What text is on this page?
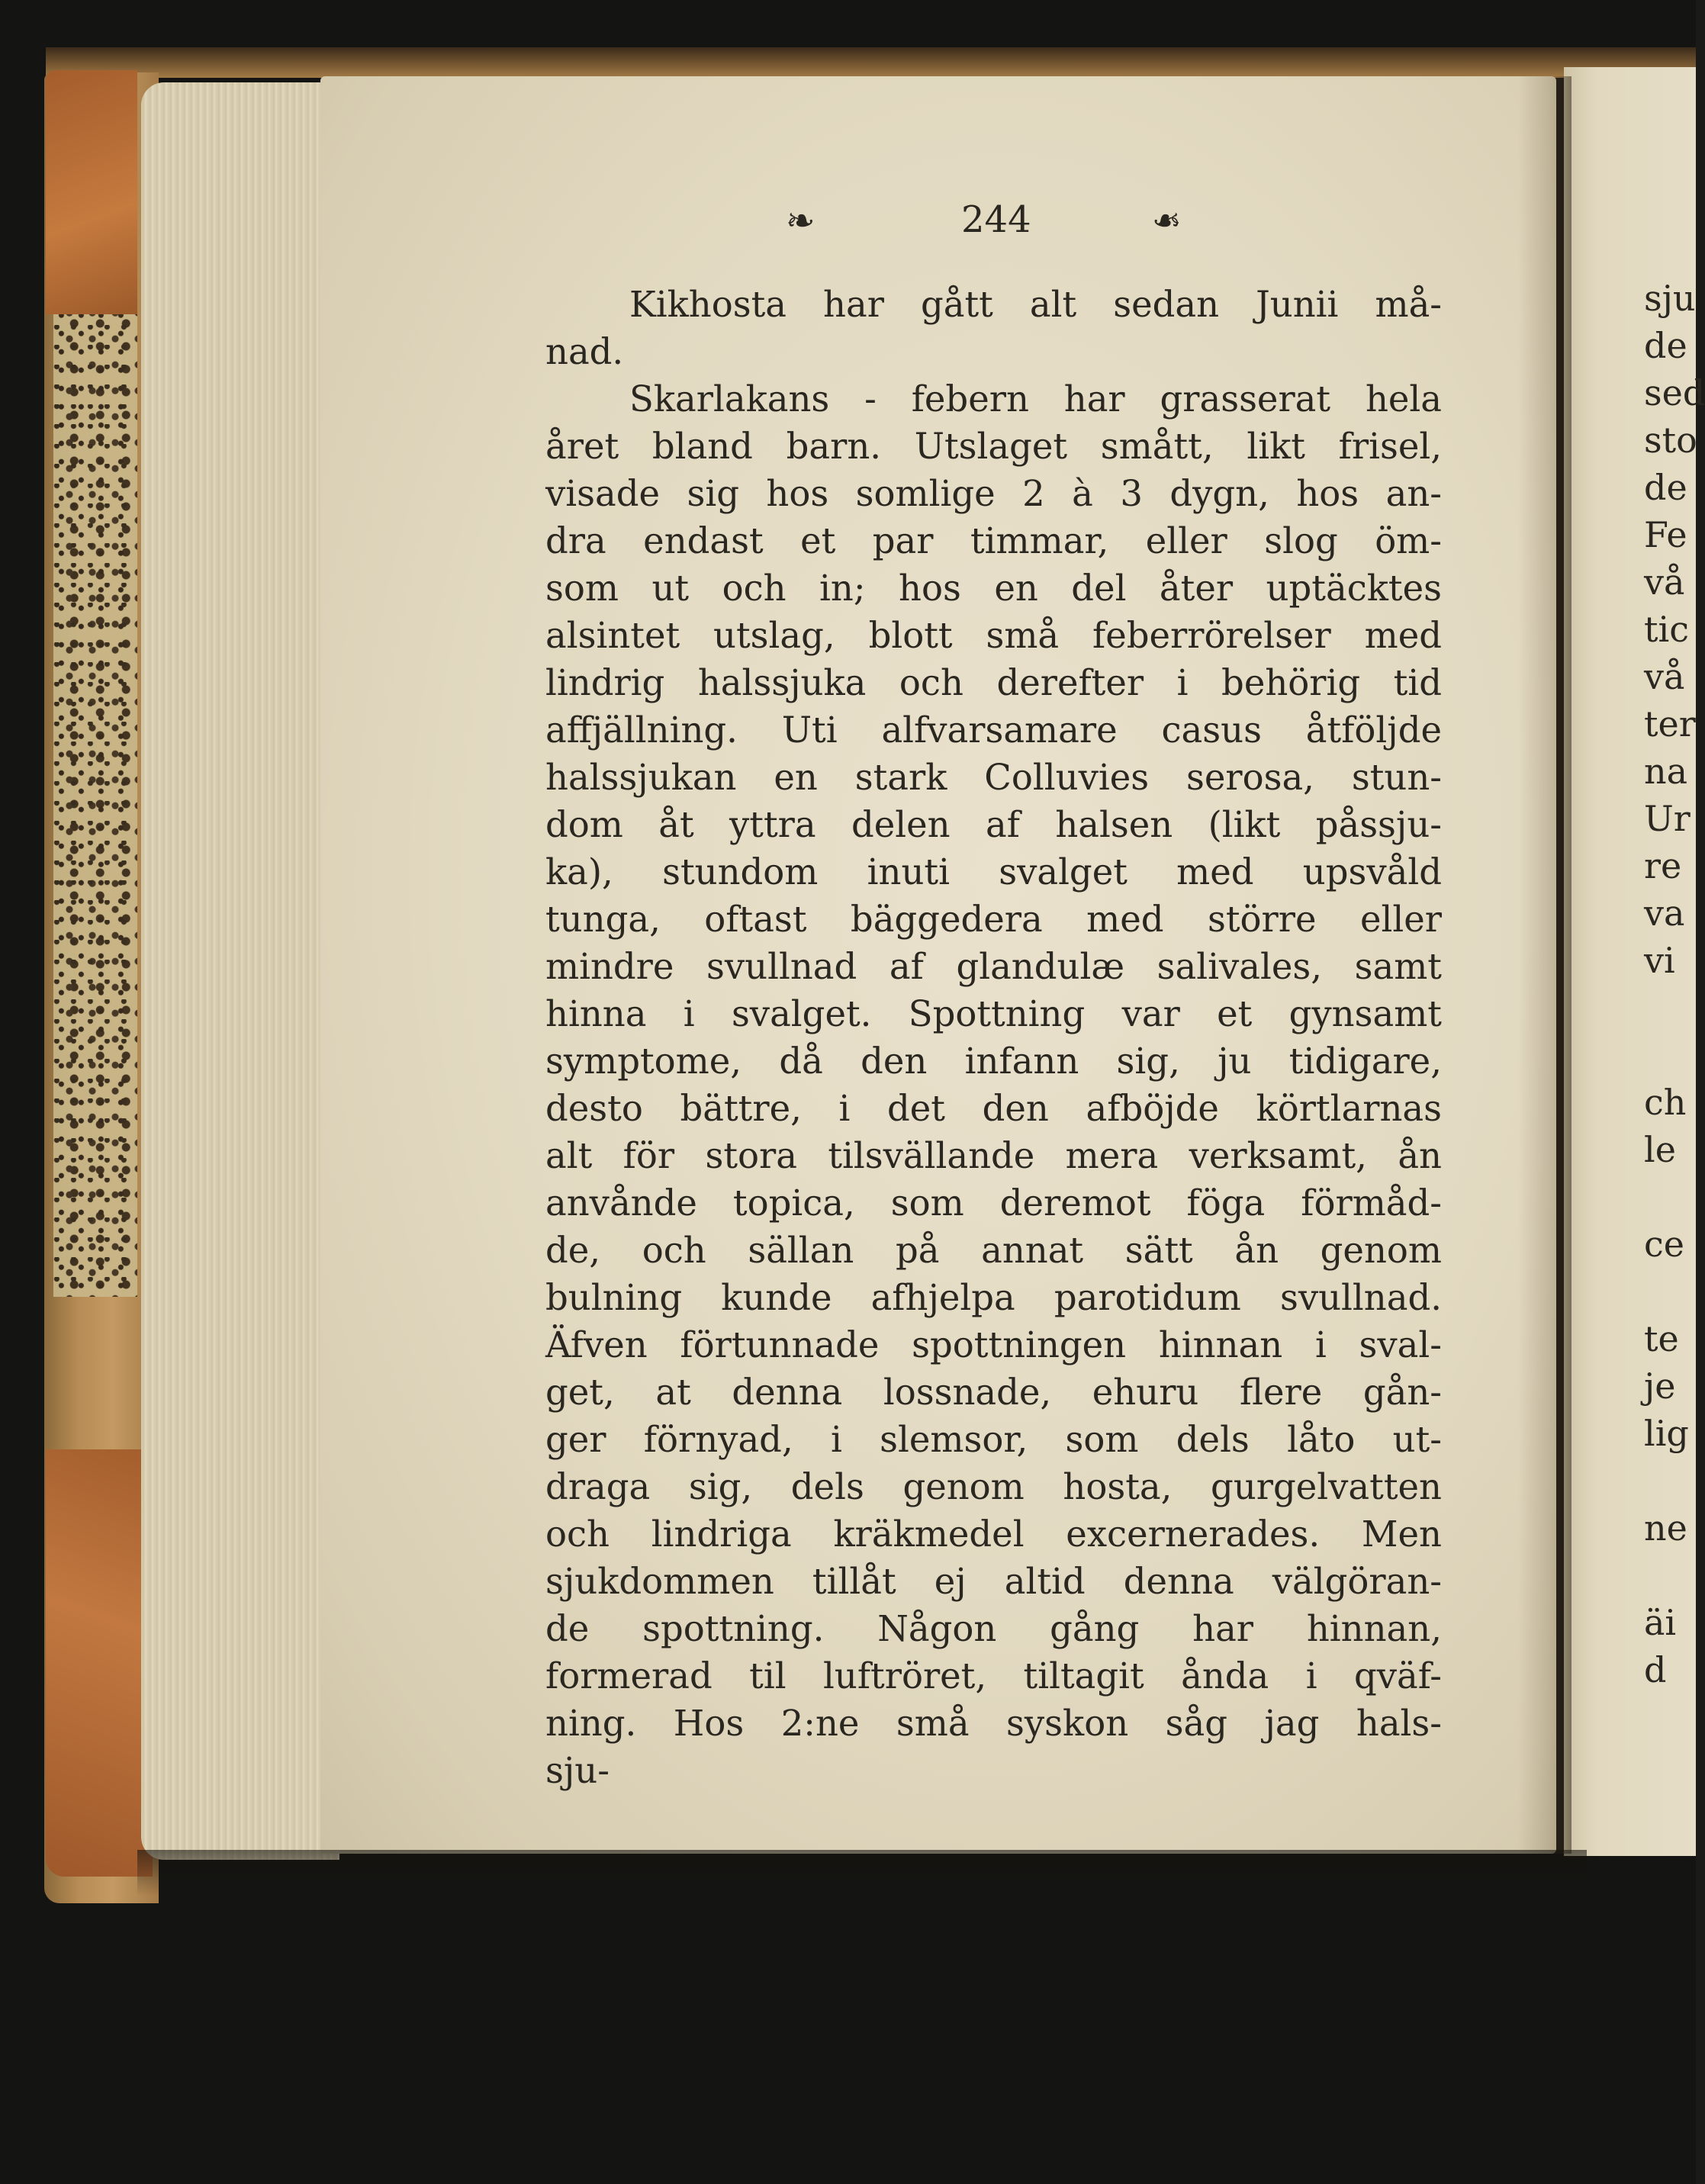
❧	244	❧
Kikhosta har gått alt sedan Junii må-
nad.
Skarlakans - febern har grasserat hela
året bland barn. Utslaget smått, likt frisel,
visade sig hos somlige 2 à 3 dygn, hos an-
dra endast et par timmar, eller slog öm-
som ut och in; hos en del åter uptäcktes
alsintet utslag, blott små feberrörelser med
lindrig halssjuka och derefter i behörig tid
affjällning. Uti alfvarsamare casus åtföljde
halssjukan en stark Colluvies serosa, stun-
dom åt yttra delen af halsen (likt påssju-
ka), stundom inuti svalget med upsvåld
tunga, oftast bäggedera med större eller
mindre svullnad af glandulæ salivales, samt
hinna i svalget. Spottning var et gynsamt
symptome, då den infann sig, ju tidigare,
desto bättre, i det den afböjde körtlarnas
alt för stora tilsvällande mera verksamt, ån
anvånde topica, som deremot föga förmåd-
de, och sällan på annat sätt ån genom
bulning kunde afhjelpa parotidum svullnad.
Äfven förtunnade spottningen hinnan i sval-
get, at denna lossnade, ehuru flere gån-
ger förnyad, i slemsor, som dels låto ut-
draga sig, dels genom hosta, gurgelvatten
och lindriga kräkmedel excernerades. Men
sjukdommen tillåt ej altid denna välgöran-
de spottning. Någon gång har hinnan,
formerad til luftröret, tiltagit ånda i qväf-
ning. Hos 2:ne små syskon såg jag hals-
sju-
sju
de
sed
sto
de
Fe
vå
tic
vå
ter
na
Ur
re
va
vi
ch
le
ce
te
je
lig
ne
äi
d
